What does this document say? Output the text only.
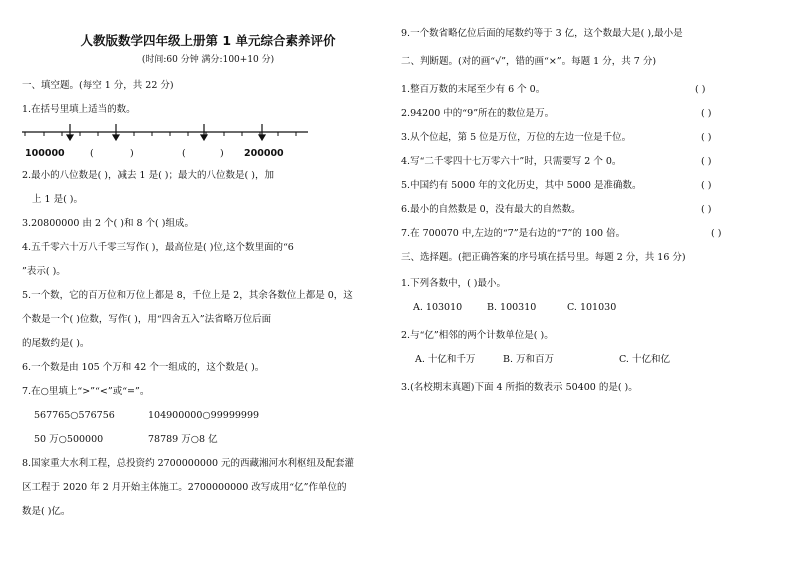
人教版数学四年级上册第 1 单元综合素养评价
(时间:60 分钟 满分:100+10 分)
一、填空题。(每空 1 分，共 22 分)
1.在括号里填上适当的数。
100000	(	)	(	) 200000
2.最小的八位数是( )，减去 1 是( )；最大的八位数是( )，加
上 1 是( )。
3.20800000 由 2 个( )和 8 个( )组成。
4.五千零六十万八千零三写作( )，最高位是( )位,这个数里面的“6
”表示( )。
5.一个数，它的百万位和万位上都是 8，千位上是 2，其余各数位上都是 0，这
个数是一个( )位数，写作( )，用“四舍五入”法省略万位后面
的尾数约是( )。
6.一个数是由 105 个万和 42 个一组成的，这个数是( )。
7.在○里填上“>”“<”或“=”。
567765○576756	104900000○99999999
50 万○500000	78789 万○8 亿
8.国家重大水利工程，总投资约 2700000000 元的西藏湘河水利枢纽及配套灌
区工程于 2020 年 2 月开始主体施工。2700000000 改写成用“亿”作单位的
数是( )亿。
9.一个数省略亿位后面的尾数约等于 3 亿，这个数最大是( ),最小是
二、判断题。(对的画“√”，错的画“×”。每题 1 分，共 7 分)
1.整百万数的末尾至少有 6 个 0。	( )
2.94200 中的“9”所在的数位是万。	( )
3.从个位起，第 5 位是万位，万位的左边一位是千位。	( )
4.写“二千零四十七万零六十”时，只需要写 2 个 0。	( )
5.中国约有 5000 年的文化历史，其中 5000 是准确数。	( )
6.最小的自然数是 0，没有最大的自然数。	( )
7.在 700070 中,左边的“7”是右边的“7”的 100 倍。	( )
三、选择题。(把正确答案的序号填在括号里。每题 2 分，共 16 分)
1.下列各数中，( )最小。
A. 103010	B. 100310	C. 101030
2.与“亿”相邻的两个计数单位是( )。
A. 十亿和千万	B. 万和百万	C. 十亿和亿
3.(名校期末真题)下面 4 所指的数表示 50400 的是( )。
